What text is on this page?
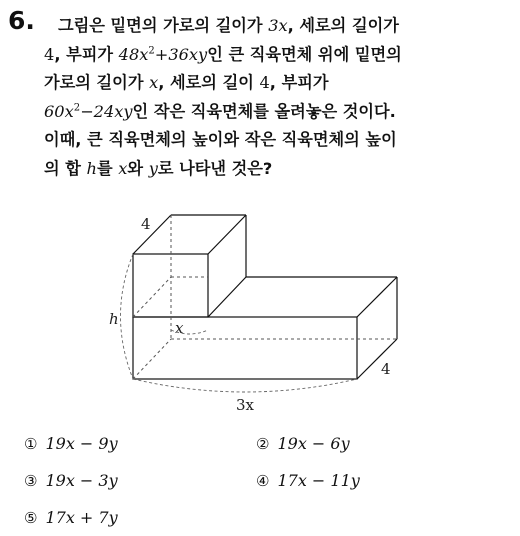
6. 그림은 밑면의 가로의 길이가 3x, 세로의 길이가
4, 부피가 $48x^2+36xy$인 큰 직육면체 위에 밑면의
가로의 길이가 x, 세로의 길이 4, 부피가
$60x^2-24xy$인 작은 직육면체를 올려놓은 것이다.
이때, 큰 직육면체의 높이와 작은 직육면체의 높이
의 합 h를 x와 y로 나타낸 것은?
4
h	x
4
3x
① 19x − 9y	② 19x − 6y
③ 19x − 3y	④ 17x − 11y
⑤ 17x + 7y
